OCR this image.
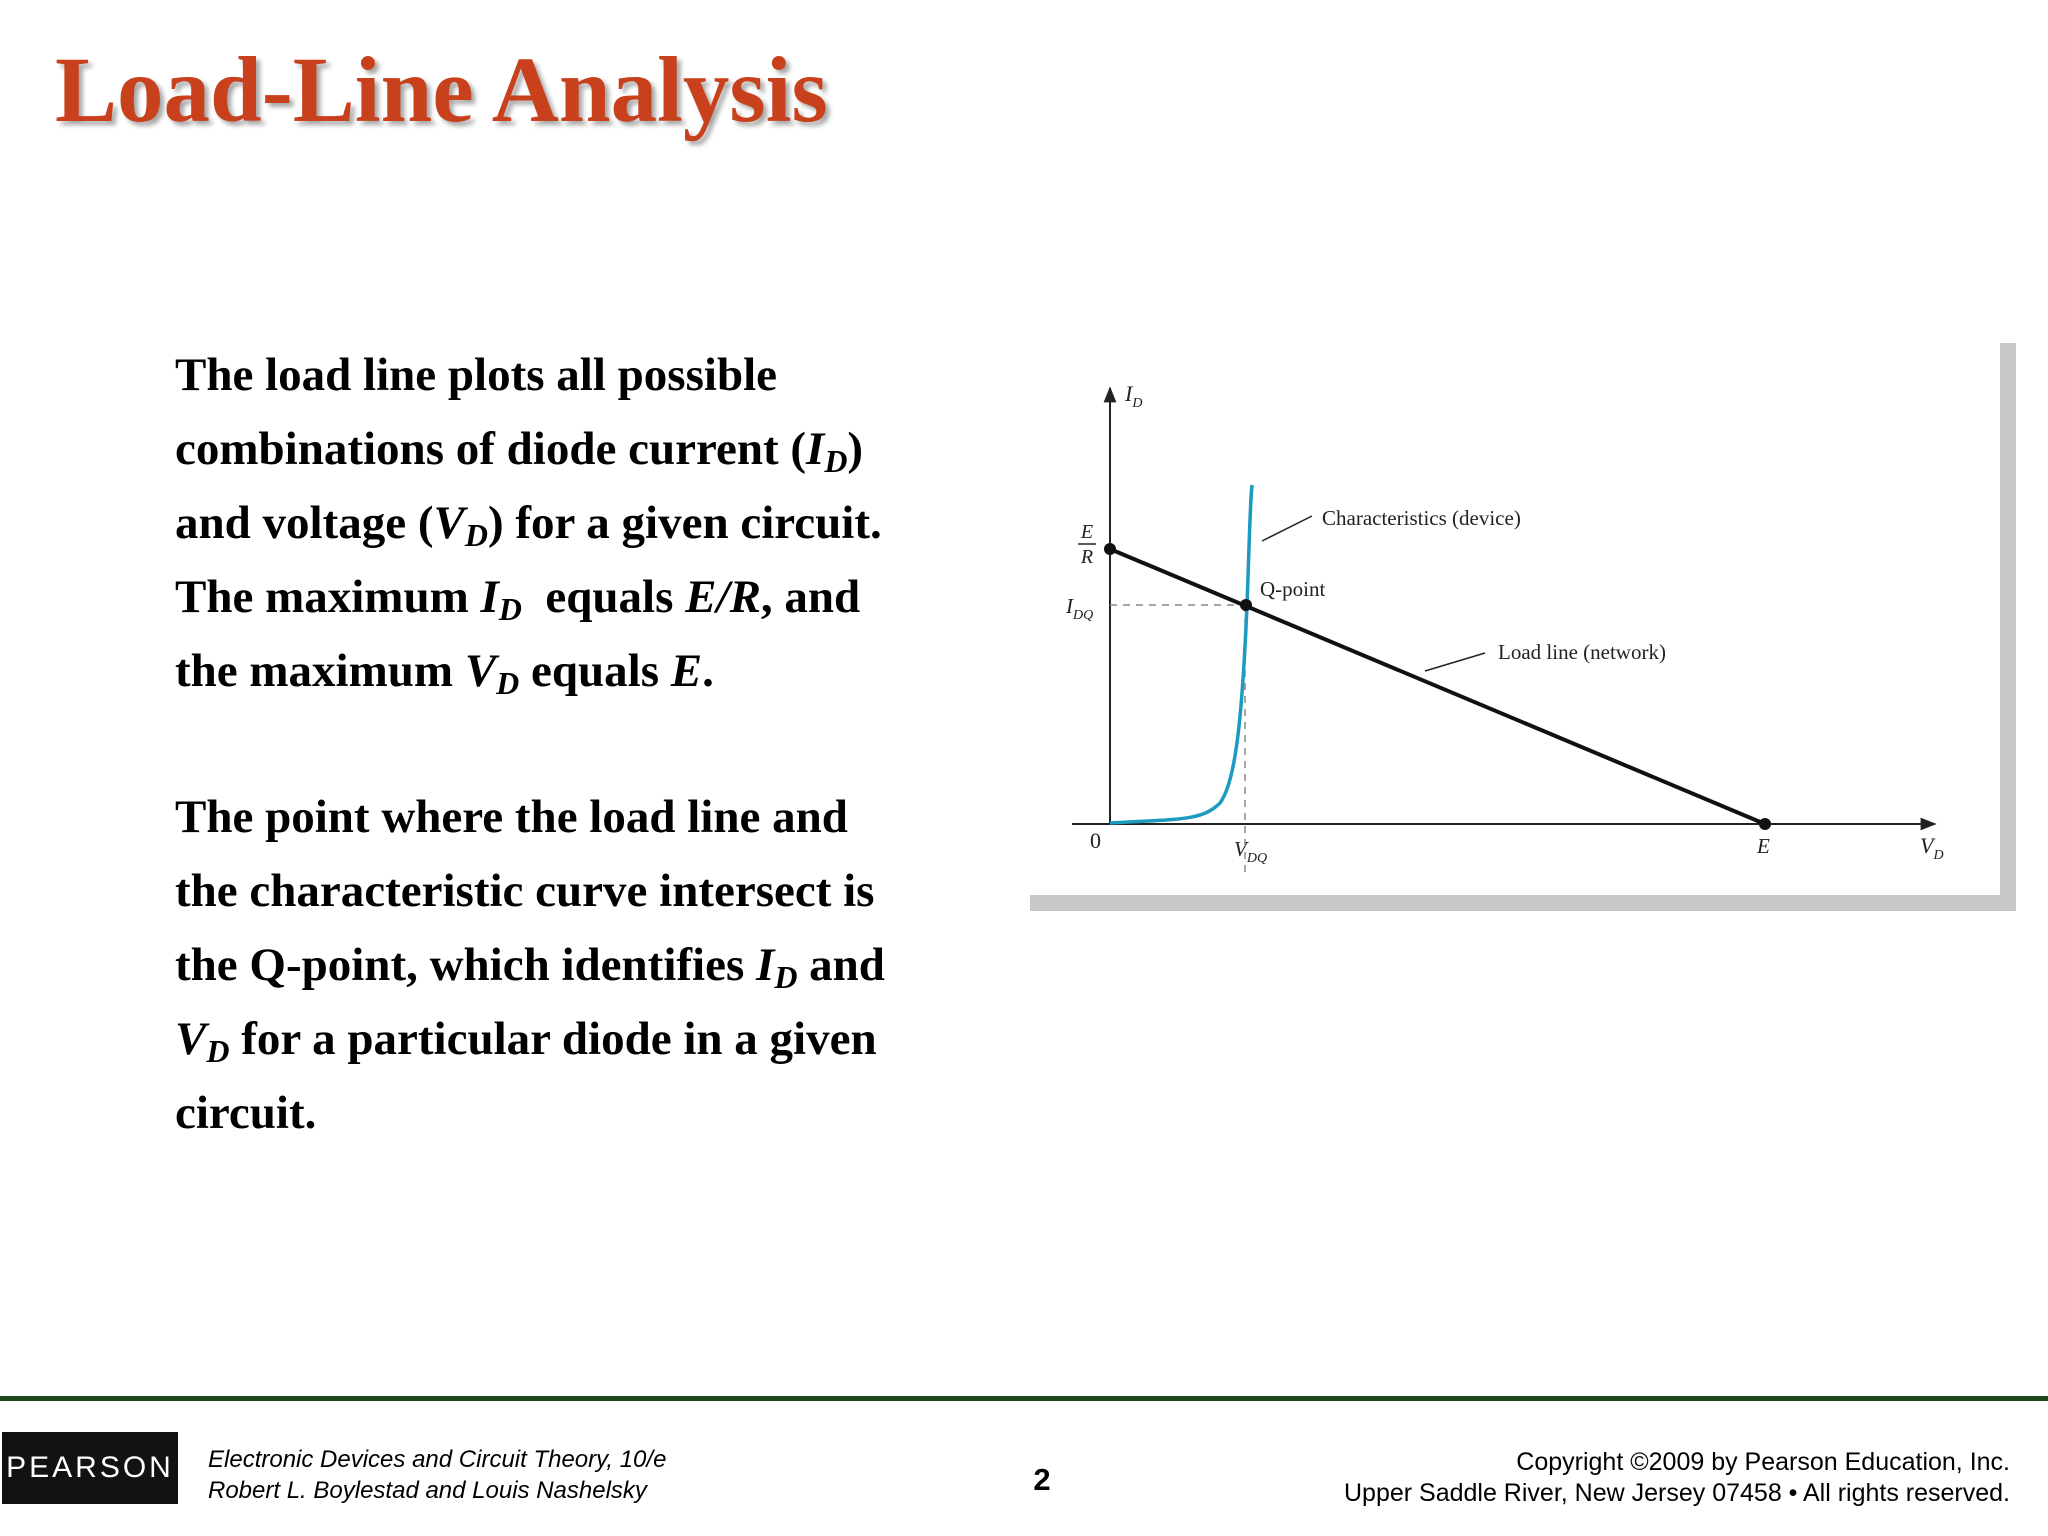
Load-Line Analysis
The load line plots all possible
combinations of diode current $(I_D)$
and voltage $(V_D)$ for a given circuit.
The maximum $I_D$  equals E/R, and
the maximum $V_D$ equals E.
The point where the load line and
the characteristic curve intersect is
the Q-point, which identifies $I_D$ and
$V_D$ for a particular diode in a given
circuit.
$I_D$
$V_D$
0
E
R
$I_{DQ}$
$V_{DQ}$
E
Characteristics (device)
Q-point
Load line (network)
PEARSON Electronic Devices and Circuit Theory, 10/e
Robert L. Boylestad and Louis Nashelsky	2	Copyright ©2009 by Pearson Education, Inc.
Upper Saddle River, New Jersey 07458 • All rights reserved.
